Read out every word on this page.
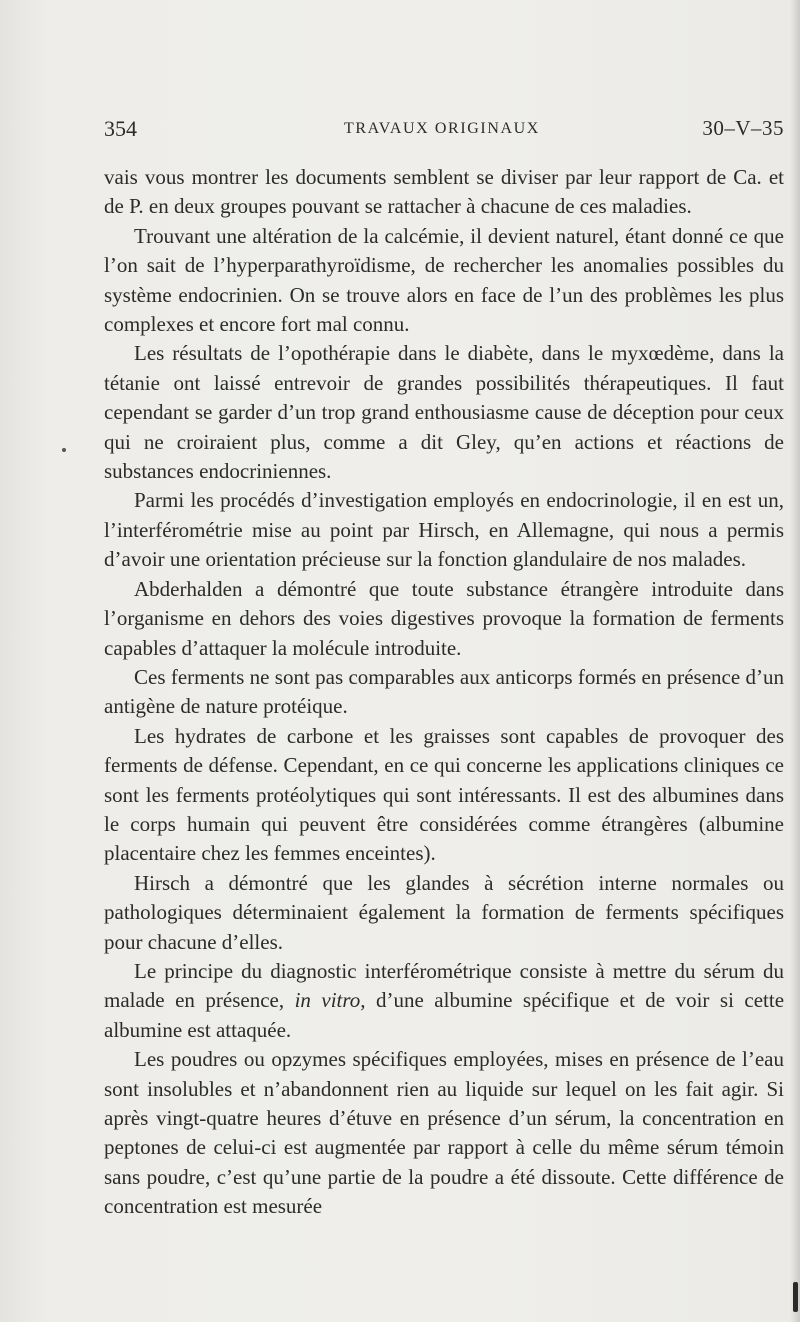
354	TRAVAUX ORIGINAUX	30–V–35

vais vous montrer les documents semblent se diviser par leur rapport de Ca. et de P. en deux groupes pouvant se rattacher à chacune de ces maladies.

Trouvant une altération de la calcémie, il devient naturel, étant donné ce que l’on sait de l’hyperparathyroïdisme, de rechercher les anomalies possibles du système endocrinien. On se trouve alors en face de l’un des problèmes les plus complexes et encore fort mal connu.

Les résultats de l’opothérapie dans le diabète, dans le myxœdème, dans la tétanie ont laissé entrevoir de grandes possibilités thérapeutiques. Il faut cependant se garder d’un trop grand enthousiasme cause de déception pour ceux qui ne croiraient plus, comme a dit Gley, qu’en actions et réactions de substances endocriniennes.

Parmi les procédés d’investigation employés en endocrinologie, il en est un, l’interférométrie mise au point par Hirsch, en Allemagne, qui nous a permis d’avoir une orientation précieuse sur la fonction glandulaire de nos malades.

Abderhalden a démontré que toute substance étrangère introduite dans l’organisme en dehors des voies digestives provoque la formation de ferments capables d’attaquer la molécule introduite.

Ces ferments ne sont pas comparables aux anticorps formés en présence d’un antigène de nature protéique.

Les hydrates de carbone et les graisses sont capables de provoquer des ferments de défense. Cependant, en ce qui concerne les applications cliniques ce sont les ferments protéolytiques qui sont intéressants. Il est des albumines dans le corps humain qui peuvent être considérées comme étrangères (albumine placentaire chez les femmes enceintes).

Hirsch a démontré que les glandes à sécrétion interne normales ou pathologiques déterminaient également la formation de ferments spécifiques pour chacune d’elles.

Le principe du diagnostic interférométrique consiste à mettre du sérum du malade en présence, in vitro, d’une albumine spécifique et de voir si cette albumine est attaquée.

Les poudres ou opzymes spécifiques employées, mises en présence de l’eau sont insolubles et n’abandonnent rien au liquide sur lequel on les fait agir. Si après vingt-quatre heures d’étuve en présence d’un sérum, la concentration en peptones de celui-ci est augmentée par rapport à celle du même sérum témoin sans poudre, c’est qu’une partie de la poudre a été dissoute. Cette différence de concentration est mesurée
